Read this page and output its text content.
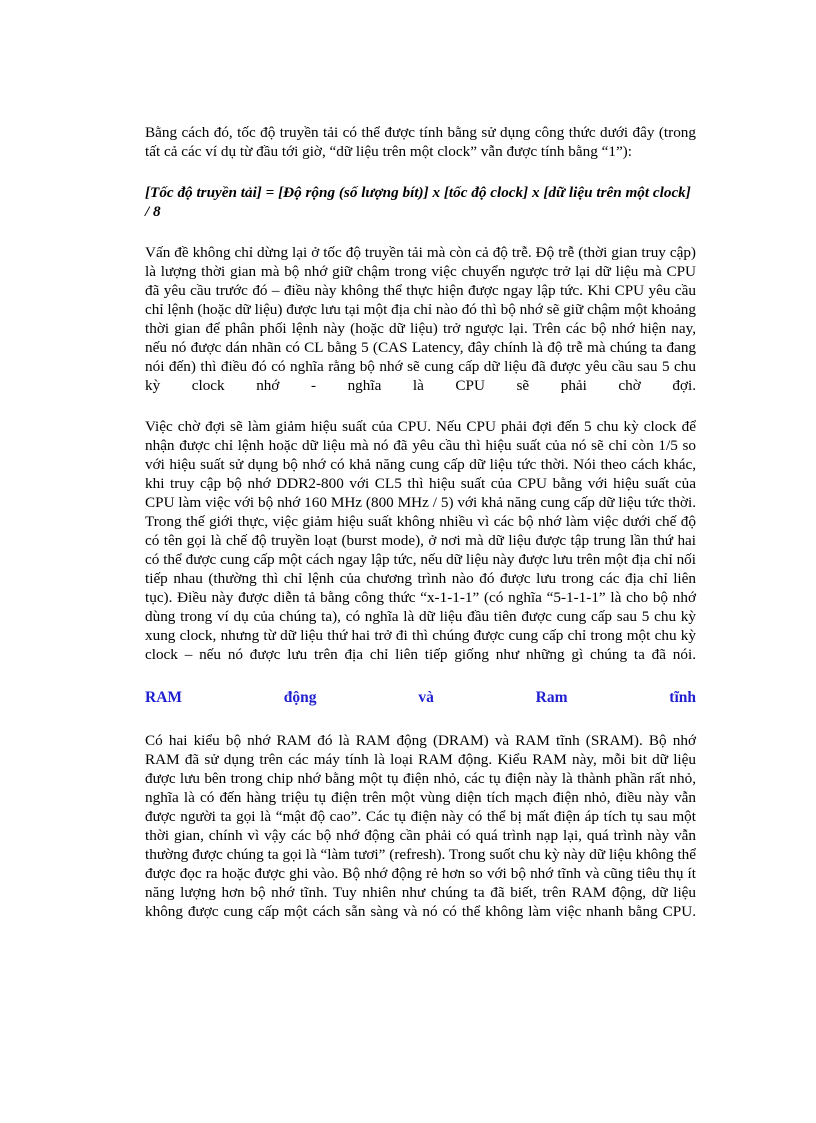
Bằng cách đó, tốc độ truyền tải có thể được tính bằng sử dụng công thức dưới đây (trong tất cả các ví dụ từ đầu tới giờ, “dữ liệu trên một clock” vẫn được tính bằng “1”):

[Tốc độ truyền tải] = [Độ rộng (số lượng bít)] x [tốc độ clock] x [dữ liệu trên một clock] / 8

Vấn đề không chỉ dừng lại ở tốc độ truyền tải mà còn cả độ trễ. Độ trễ (thời gian truy cập) là lượng thời gian mà bộ nhớ giữ chậm trong việc chuyển ngược trở lại dữ liệu mà CPU đã yêu cầu trước đó – điều này không thể thực hiện được ngay lập tức. Khi CPU yêu cầu chỉ lệnh (hoặc dữ liệu) được lưu tại một địa chỉ nào đó thì bộ nhớ sẽ giữ chậm một khoảng thời gian để phân phối lệnh này (hoặc dữ liệu) trở ngược lại. Trên các bộ nhớ hiện nay, nếu nó được dán nhãn có CL bằng 5 (CAS Latency, đây chính là độ trễ mà chúng ta đang nói đến) thì điều đó có nghĩa rằng bộ nhớ sẽ cung cấp dữ liệu đã được yêu cầu sau 5 chu kỳ clock nhớ - nghĩa là CPU sẽ phải chờ đợi.

Việc chờ đợi sẽ làm giảm hiệu suất của CPU. Nếu CPU phải đợi đến 5 chu kỳ clock để nhận được chỉ lệnh hoặc dữ liệu mà nó đã yêu cầu thì hiệu suất của nó sẽ chỉ còn 1/5 so với hiệu suất sử dụng bộ nhớ có khả năng cung cấp dữ liệu tức thời. Nói theo cách khác, khi truy cập bộ nhớ DDR2-800 với CL5 thì hiệu suất của CPU bằng với hiệu suất của CPU làm việc với bộ nhớ 160 MHz (800 MHz / 5) với khả năng cung cấp dữ liệu tức thời. Trong thế giới thực, việc giảm hiệu suất không nhiều vì các bộ nhớ làm việc dưới chế độ có tên gọi là chế độ truyền loạt (burst mode), ở nơi mà dữ liệu được tập trung lần thứ hai có thể được cung cấp một cách ngay lập tức, nếu dữ liệu này được lưu trên một địa chỉ nối tiếp nhau (thường thì chỉ lệnh của chương trình nào đó được lưu trong các địa chỉ liên tục). Điều này được diễn tả bằng công thức “x-1-1-1” (có nghĩa “5-1-1-1” là cho bộ nhớ dùng trong ví dụ của chúng ta), có nghĩa là dữ liệu đầu tiên được cung cấp sau 5 chu kỳ xung clock, nhưng từ dữ liệu thứ hai trở đi thì chúng được cung cấp chỉ trong một chu kỳ clock – nếu nó được lưu trên địa chỉ liên tiếp giống như những gì chúng ta đã nói.

RAM động và Ram tĩnh

Có hai kiểu bộ nhớ RAM đó là RAM động (DRAM) và RAM tĩnh (SRAM). Bộ nhớ RAM đã sử dụng trên các máy tính là loại RAM động. Kiểu RAM này, mỗi bit dữ liệu được lưu bên trong chip nhớ bằng một tụ điện nhỏ, các tụ điện này là thành phần rất nhỏ, nghĩa là có đến hàng triệu tụ điện trên một vùng diện tích mạch điện nhỏ, điều này vẫn được người ta gọi là “mật độ cao”. Các tụ điện này có thể bị mất điện áp tích tụ sau một thời gian, chính vì vậy các bộ nhớ động cần phải có quá trình nạp lại, quá trình này vẫn thường được chúng ta gọi là “làm tươi” (refresh). Trong suốt chu kỳ này dữ liệu không thể được đọc ra hoặc được ghi vào. Bộ nhớ động rẻ hơn so với bộ nhớ tĩnh và cũng tiêu thụ ít năng lượng hơn bộ nhớ tĩnh. Tuy nhiên như chúng ta đã biết, trên RAM động, dữ liệu không được cung cấp một cách sẵn sàng và nó có thể không làm việc nhanh bằng CPU.
